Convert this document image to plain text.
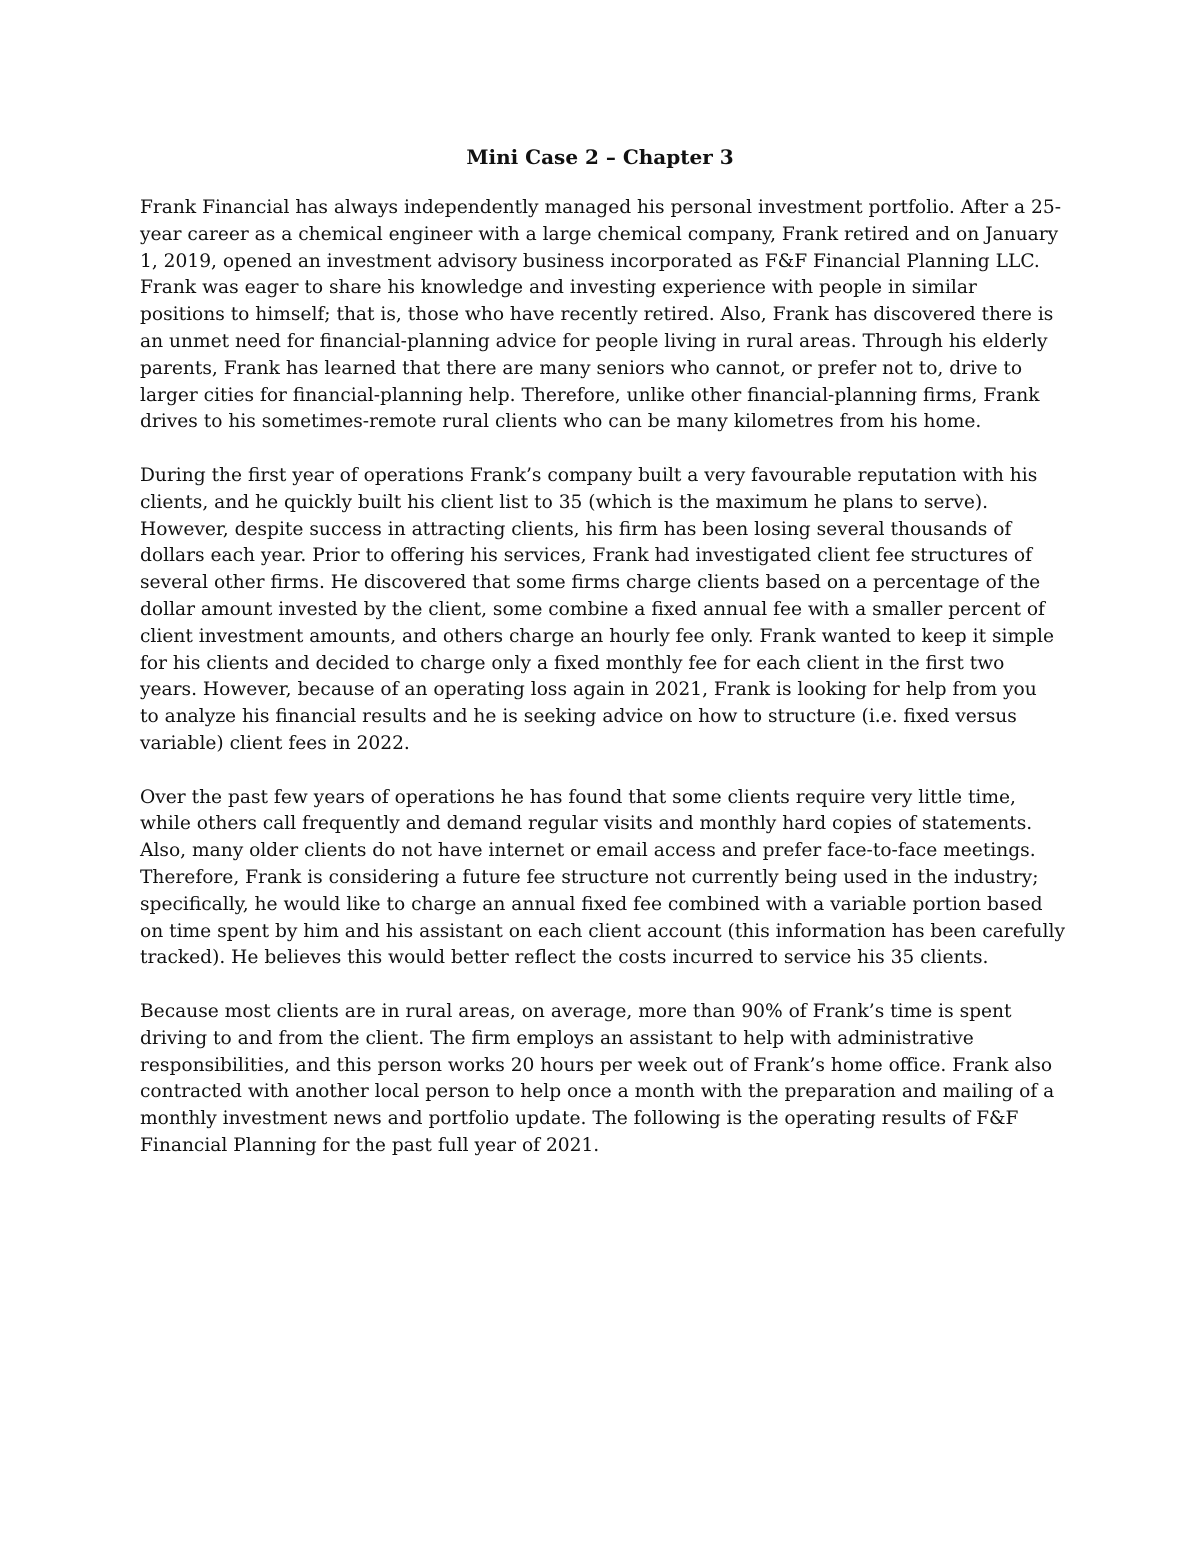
Mini Case 2 – Chapter 3

Frank Financial has always independently managed his personal investment portfolio. After a 25-
year career as a chemical engineer with a large chemical company, Frank retired and on January
1, 2019, opened an investment advisory business incorporated as F&F Financial Planning LLC.
Frank was eager to share his knowledge and investing experience with people in similar
positions to himself; that is, those who have recently retired. Also, Frank has discovered there is
an unmet need for financial-planning advice for people living in rural areas. Through his elderly
parents, Frank has learned that there are many seniors who cannot, or prefer not to, drive to
larger cities for financial-planning help. Therefore, unlike other financial-planning firms, Frank
drives to his sometimes-remote rural clients who can be many kilometres from his home.

During the first year of operations Frank’s company built a very favourable reputation with his
clients, and he quickly built his client list to 35 (which is the maximum he plans to serve).
However, despite success in attracting clients, his firm has been losing several thousands of
dollars each year. Prior to offering his services, Frank had investigated client fee structures of
several other firms. He discovered that some firms charge clients based on a percentage of the
dollar amount invested by the client, some combine a fixed annual fee with a smaller percent of
client investment amounts, and others charge an hourly fee only. Frank wanted to keep it simple
for his clients and decided to charge only a fixed monthly fee for each client in the first two
years. However, because of an operating loss again in 2021, Frank is looking for help from you
to analyze his financial results and he is seeking advice on how to structure (i.e. fixed versus
variable) client fees in 2022.

Over the past few years of operations he has found that some clients require very little time,
while others call frequently and demand regular visits and monthly hard copies of statements.
Also, many older clients do not have internet or email access and prefer face-to-face meetings.
Therefore, Frank is considering a future fee structure not currently being used in the industry;
specifically, he would like to charge an annual fixed fee combined with a variable portion based
on time spent by him and his assistant on each client account (this information has been carefully
tracked). He believes this would better reflect the costs incurred to service his 35 clients.

Because most clients are in rural areas, on average, more than 90% of Frank’s time is spent
driving to and from the client. The firm employs an assistant to help with administrative
responsibilities, and this person works 20 hours per week out of Frank’s home office. Frank also
contracted with another local person to help once a month with the preparation and mailing of a
monthly investment news and portfolio update. The following is the operating results of F&F
Financial Planning for the past full year of 2021.
